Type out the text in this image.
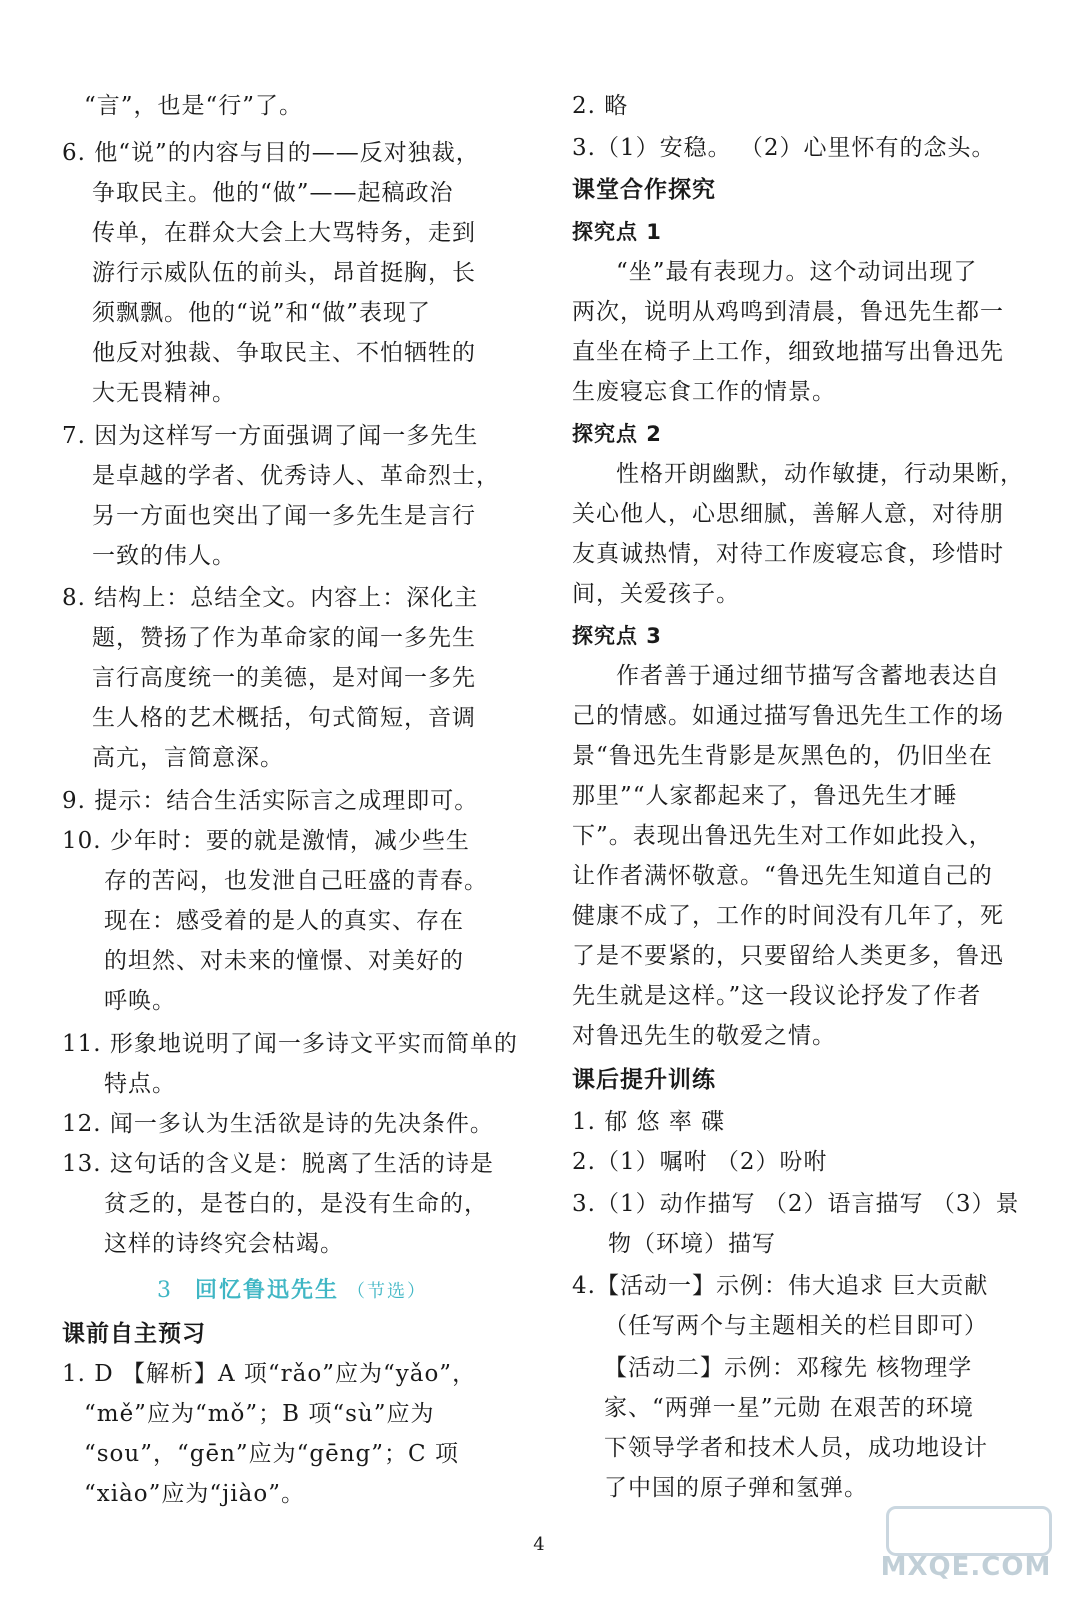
“言”，也是“行”了。
6. 他“说”的内容与目的——反对独裁，
争取民主。他的“做”——起稿政治
传单，在群众大会上大骂特务，走到
游行示威队伍的前头，昂首挺胸，长
须飘飘。他的“说”和“做”表现了
他反对独裁、争取民主、不怕牺牲的
大无畏精神。
7. 因为这样写一方面强调了闻一多先生
是卓越的学者、优秀诗人、革命烈士，
另一方面也突出了闻一多先生是言行
一致的伟人。
8. 结构上：总结全文。内容上：深化主
题，赞扬了作为革命家的闻一多先生
言行高度统一的美德，是对闻一多先
生人格的艺术概括，句式简短，音调
高亢，言简意深。
9. 提示：结合生活实际言之成理即可。
10. 少年时：要的就是激情，减少些生
存的苦闷，也发泄自己旺盛的青春。
现在：感受着的是人的真实、存在
的坦然、对未来的憧憬、对美好的
呼唤。
11. 形象地说明了闻一多诗文平实而简单的
特点。
12. 闻一多认为生活欲是诗的先决条件。
13. 这句话的含义是：脱离了生活的诗是
贫乏的，是苍白的，是没有生命的，
这样的诗终究会枯竭。
3 回忆鲁迅先生 （节选）
课前自主预习
1. D 【解析】A 项“rǎo”应为“yǎo”，
“mě”应为“mǒ”；B 项“sù”应为
“sou”，“gēn”应为“gēng”；C 项
“xiào”应为“jiào”。
2. 略
3.（1）安稳。 （2）心里怀有的念头。
课堂合作探究
探究点 1
“坐”最有表现力。这个动词出现了
两次，说明从鸡鸣到清晨，鲁迅先生都一
直坐在椅子上工作，细致地描写出鲁迅先
生废寝忘食工作的情景。
探究点 2
性格开朗幽默，动作敏捷，行动果断，
关心他人，心思细腻，善解人意，对待朋
友真诚热情，对待工作废寝忘食，珍惜时
间，关爱孩子。
探究点 3
作者善于通过细节描写含蓄地表达自
己的情感。如通过描写鲁迅先生工作的场
景“鲁迅先生背影是灰黑色的，仍旧坐在
那里”“人家都起来了，鲁迅先生才睡
下”。表现出鲁迅先生对工作如此投入，
让作者满怀敬意。“鲁迅先生知道自己的
健康不成了，工作的时间没有几年了，死
了是不要紧的，只要留给人类更多，鲁迅
先生就是这样。”这一段议论抒发了作者
对鲁迅先生的敬爱之情。
课后提升训练
1. 郁 悠 率 碟
2.（1）嘱咐 （2）吩咐
3.（1）动作描写 （2）语言描写 （3）景
物（环境）描写
4.【活动一】示例：伟大追求 巨大贡献
（任写两个与主题相关的栏目即可）
【活动二】示例：邓稼先 核物理学
家、“两弹一星”元勋 在艰苦的环境
下领导学者和技术人员，成功地设计
了中国的原子弹和氢弹。
4
MXQE.COM
